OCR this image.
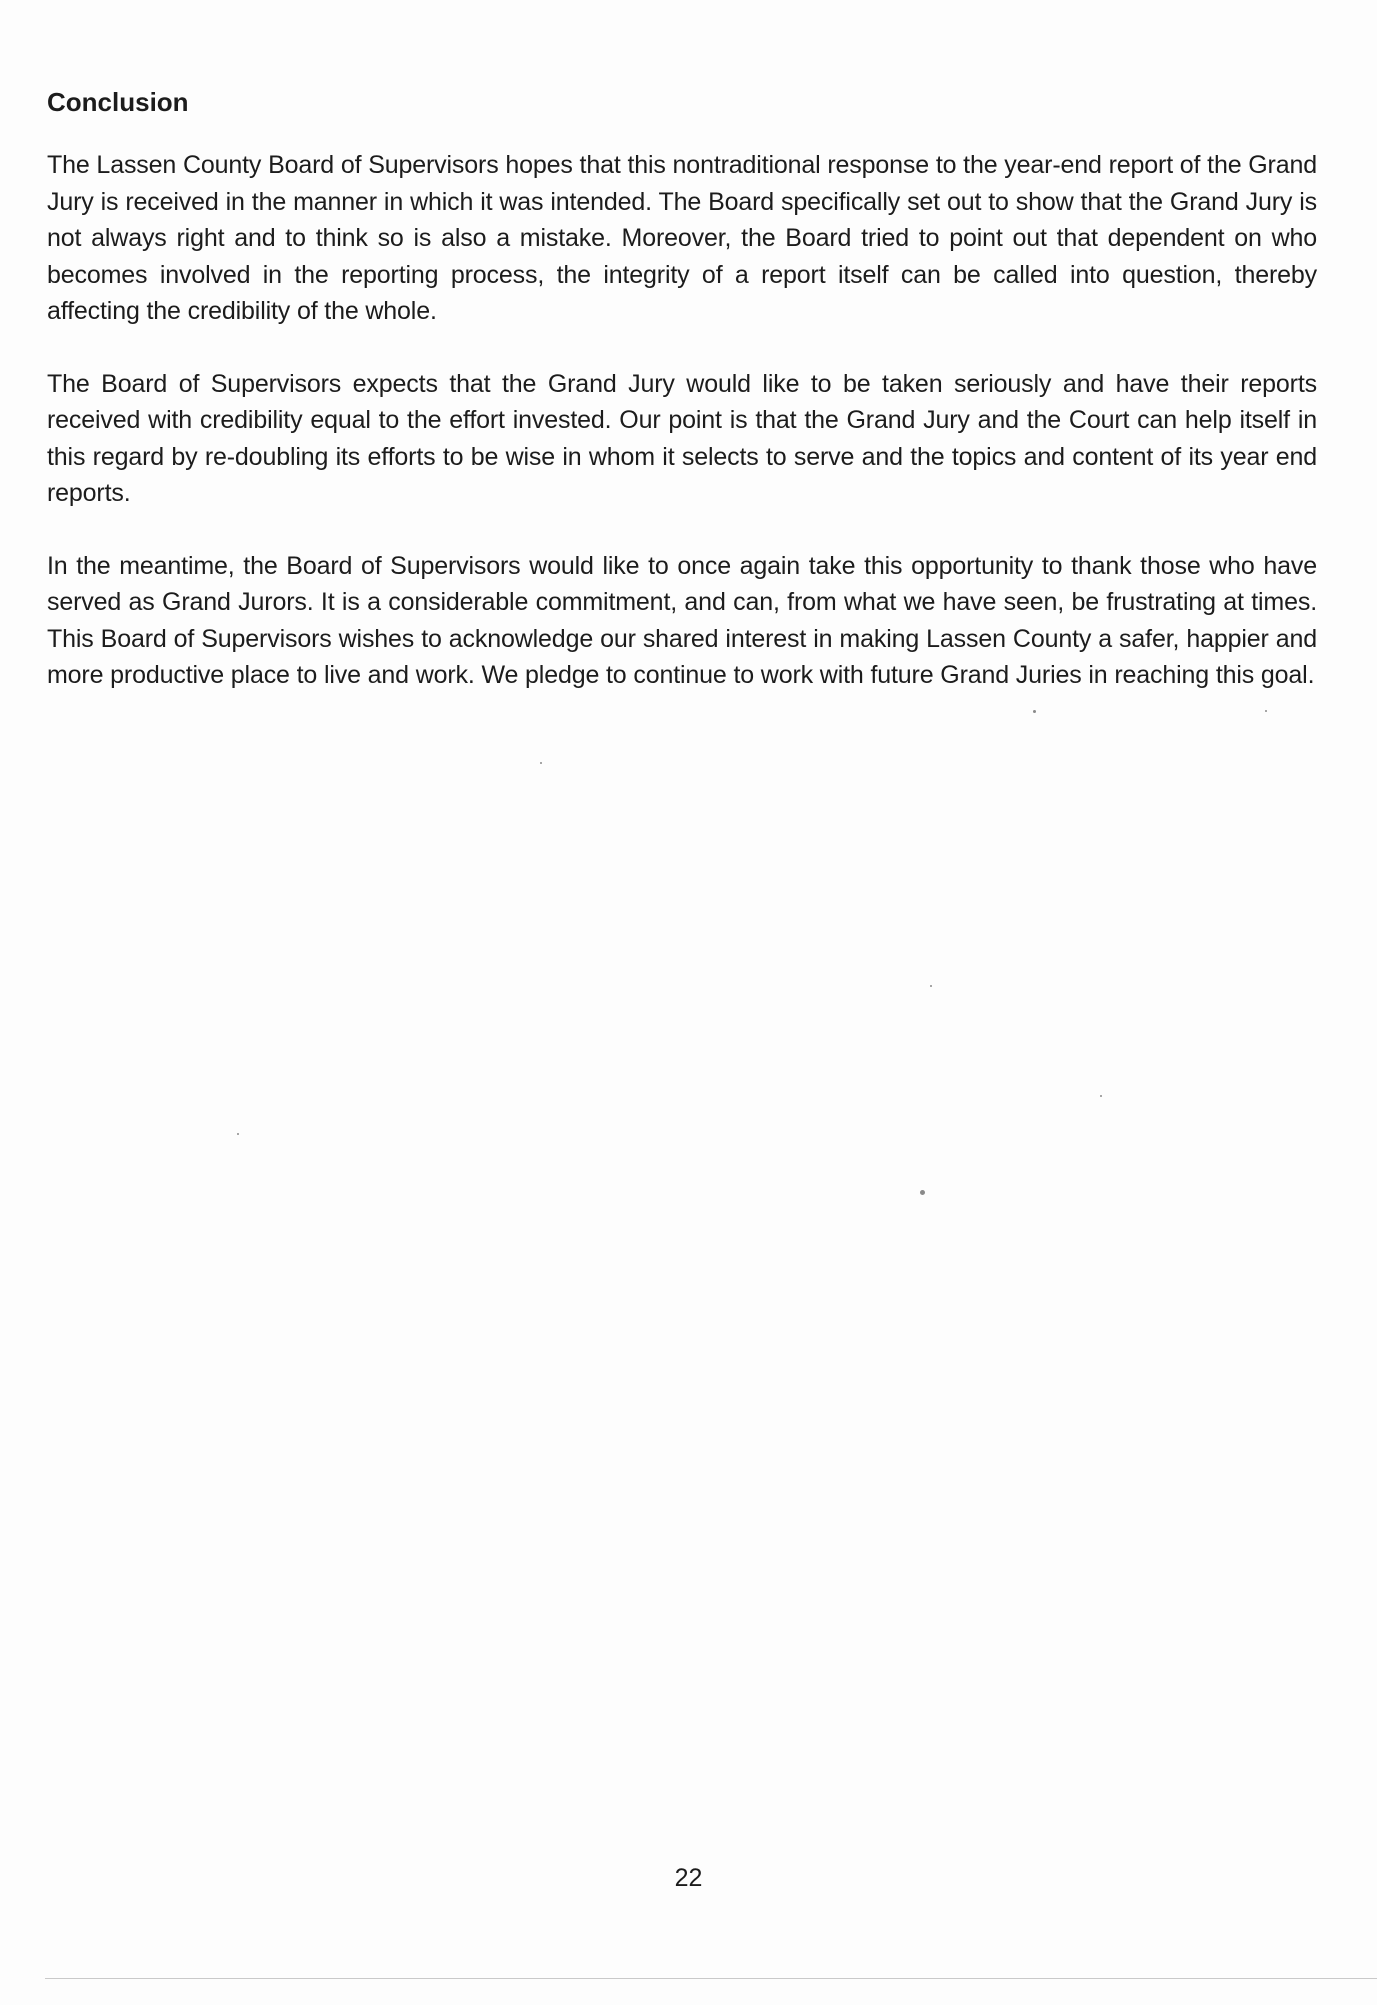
Conclusion

The Lassen County Board of Supervisors hopes that this nontraditional response to the year-end report of the Grand Jury is received in the manner in which it was intended. The Board specifically set out to show that the Grand Jury is not always right and to think so is also a mistake. Moreover, the Board tried to point out that dependent on who becomes involved in the reporting process, the integrity of a report itself can be called into question, thereby affecting the credibility of the whole.

The Board of Supervisors expects that the Grand Jury would like to be taken seriously and have their reports received with credibility equal to the effort invested. Our point is that the Grand Jury and the Court can help itself in this regard by re-doubling its efforts to be wise in whom it selects to serve and the topics and content of its year end reports.

In the meantime, the Board of Supervisors would like to once again take this opportunity to thank those who have served as Grand Jurors. It is a considerable commitment, and can, from what we have seen, be frustrating at times. This Board of Supervisors wishes to acknowledge our shared interest in making Lassen County a safer, happier and more productive place to live and work. We pledge to continue to work with future Grand Juries in reaching this goal.

22
